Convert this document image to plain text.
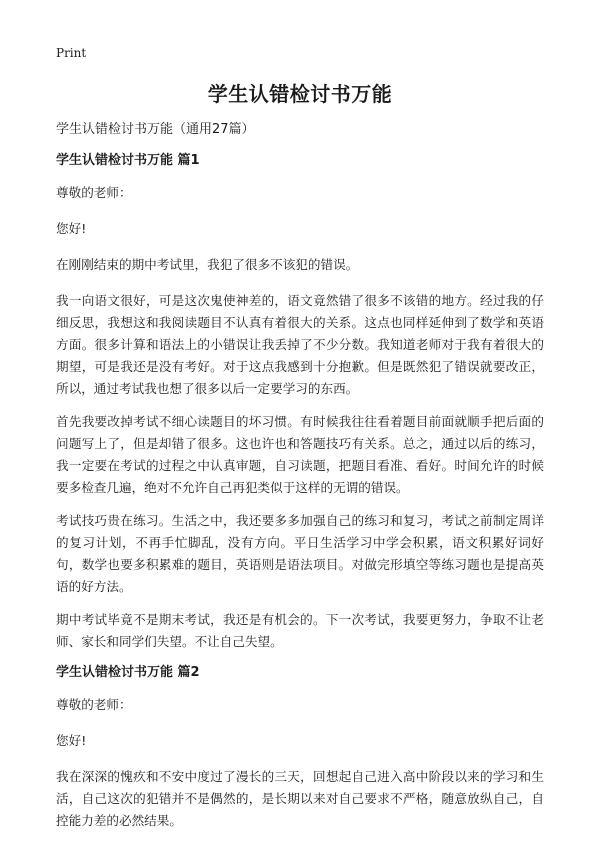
Print
学生认错检讨书万能
学生认错检讨书万能（通用27篇）
学生认错检讨书万能 篇1

尊敬的老师：

您好!

在刚刚结束的期中考试里，我犯了很多不该犯的错误。

我一向语文很好，可是这次鬼使神差的，语文竟然错了很多不该错的地方。经过我的仔细反思，我想这和我阅读题目不认真有着很大的关系。这点也同样延伸到了数学和英语方面。很多计算和语法上的小错误让我丢掉了不少分数。我知道老师对于我有着很大的期望，可是我还是没有考好。对于这点我感到十分抱歉。但是既然犯了错误就要改正，所以，通过考试我也想了很多以后一定要学习的东西。

首先我要改掉考试不细心读题目的坏习惯。有时候我往往看着题目前面就顺手把后面的问题写上了，但是却错了很多。这也许也和答题技巧有关系。总之，通过以后的练习，我一定要在考试的过程之中认真审题，自习读题，把题目看准、看好。时间允许的时候要多检查几遍，绝对不允许自己再犯类似于这样的无谓的错误。

考试技巧贵在练习。生活之中，我还要多多加强自己的练习和复习，考试之前制定周详的复习计划，不再手忙脚乱，没有方向。平日生活学习中学会积累，语文积累好词好句，数学也要多积累难的题目，英语则是语法项目。对做完形填空等练习题也是提高英语的好方法。

期中考试毕竟不是期末考试，我还是有机会的。下一次考试，我要更努力，争取不让老师、家长和同学们失望。不让自己失望。

学生认错检讨书万能 篇2

尊敬的老师：

您好!

我在深深的愧疚和不安中度过了漫长的三天，回想起自己进入高中阶段以来的学习和生活，自己这次的犯错并不是偶然的，是长期以来对自己要求不严格，随意放纵自己，自控能力差的必然结果。
